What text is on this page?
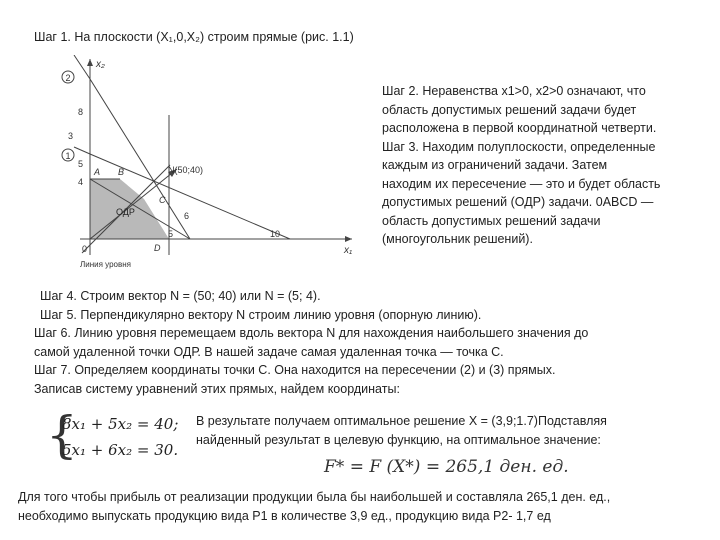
Шаг 1. На плоскости (X₁,0,X₂) строим прямые (рис. 1.1)
2
1
x₂
x₁
0
8
5
4
3
5
6
10
A B
C
D
ОДР
N(50;40)
Линия уровня
Шаг 2. Неравенства x1>0, x2>0 означают, что
область допустимых решений задачи будет
расположена в первой координатной четверти.
Шаг 3. Находим полуплоскости, определенные
каждым из ограничений задачи. Затем
находим их пересечение — это и будет область
допустимых решений (ОДР) задачи. 0ABCD —
область допустимых решений задачи
(многоугольник решений).
Шаг 4. Строим вектор N = (50; 40) или N = (5; 4).
Шаг 5. Перпендикулярно вектору N строим линию уровня (опорную линию).
Шаг 6. Линию уровня перемещаем вдоль вектора N для нахождения наибольшего значения до
самой удаленной точки ОДР. В нашей задаче самая удаленная точка — точка С.
Шаг 7. Определяем координаты точки С. Она находится на пересечении (2) и (3) прямых.
Записав систему уравнений этих прямых, найдем координаты:
{
8x₁ + 5x₂ = 40;
5x₁ + 6x₂ = 30.
В результате получаем оптимальное решение X = (3,9;1.7)Подставляя
найденный результат в целевую функцию, на оптимальное значение:
F* = F (X*) = 265,1 ден. ед.
Для того чтобы прибыль от реализации продукции была бы наибольшей и составляла 265,1 ден. ед.,
необходимо выпускать продукцию вида Р1 в количестве 3,9 ед., продукцию вида Р2- 1,7 ед
